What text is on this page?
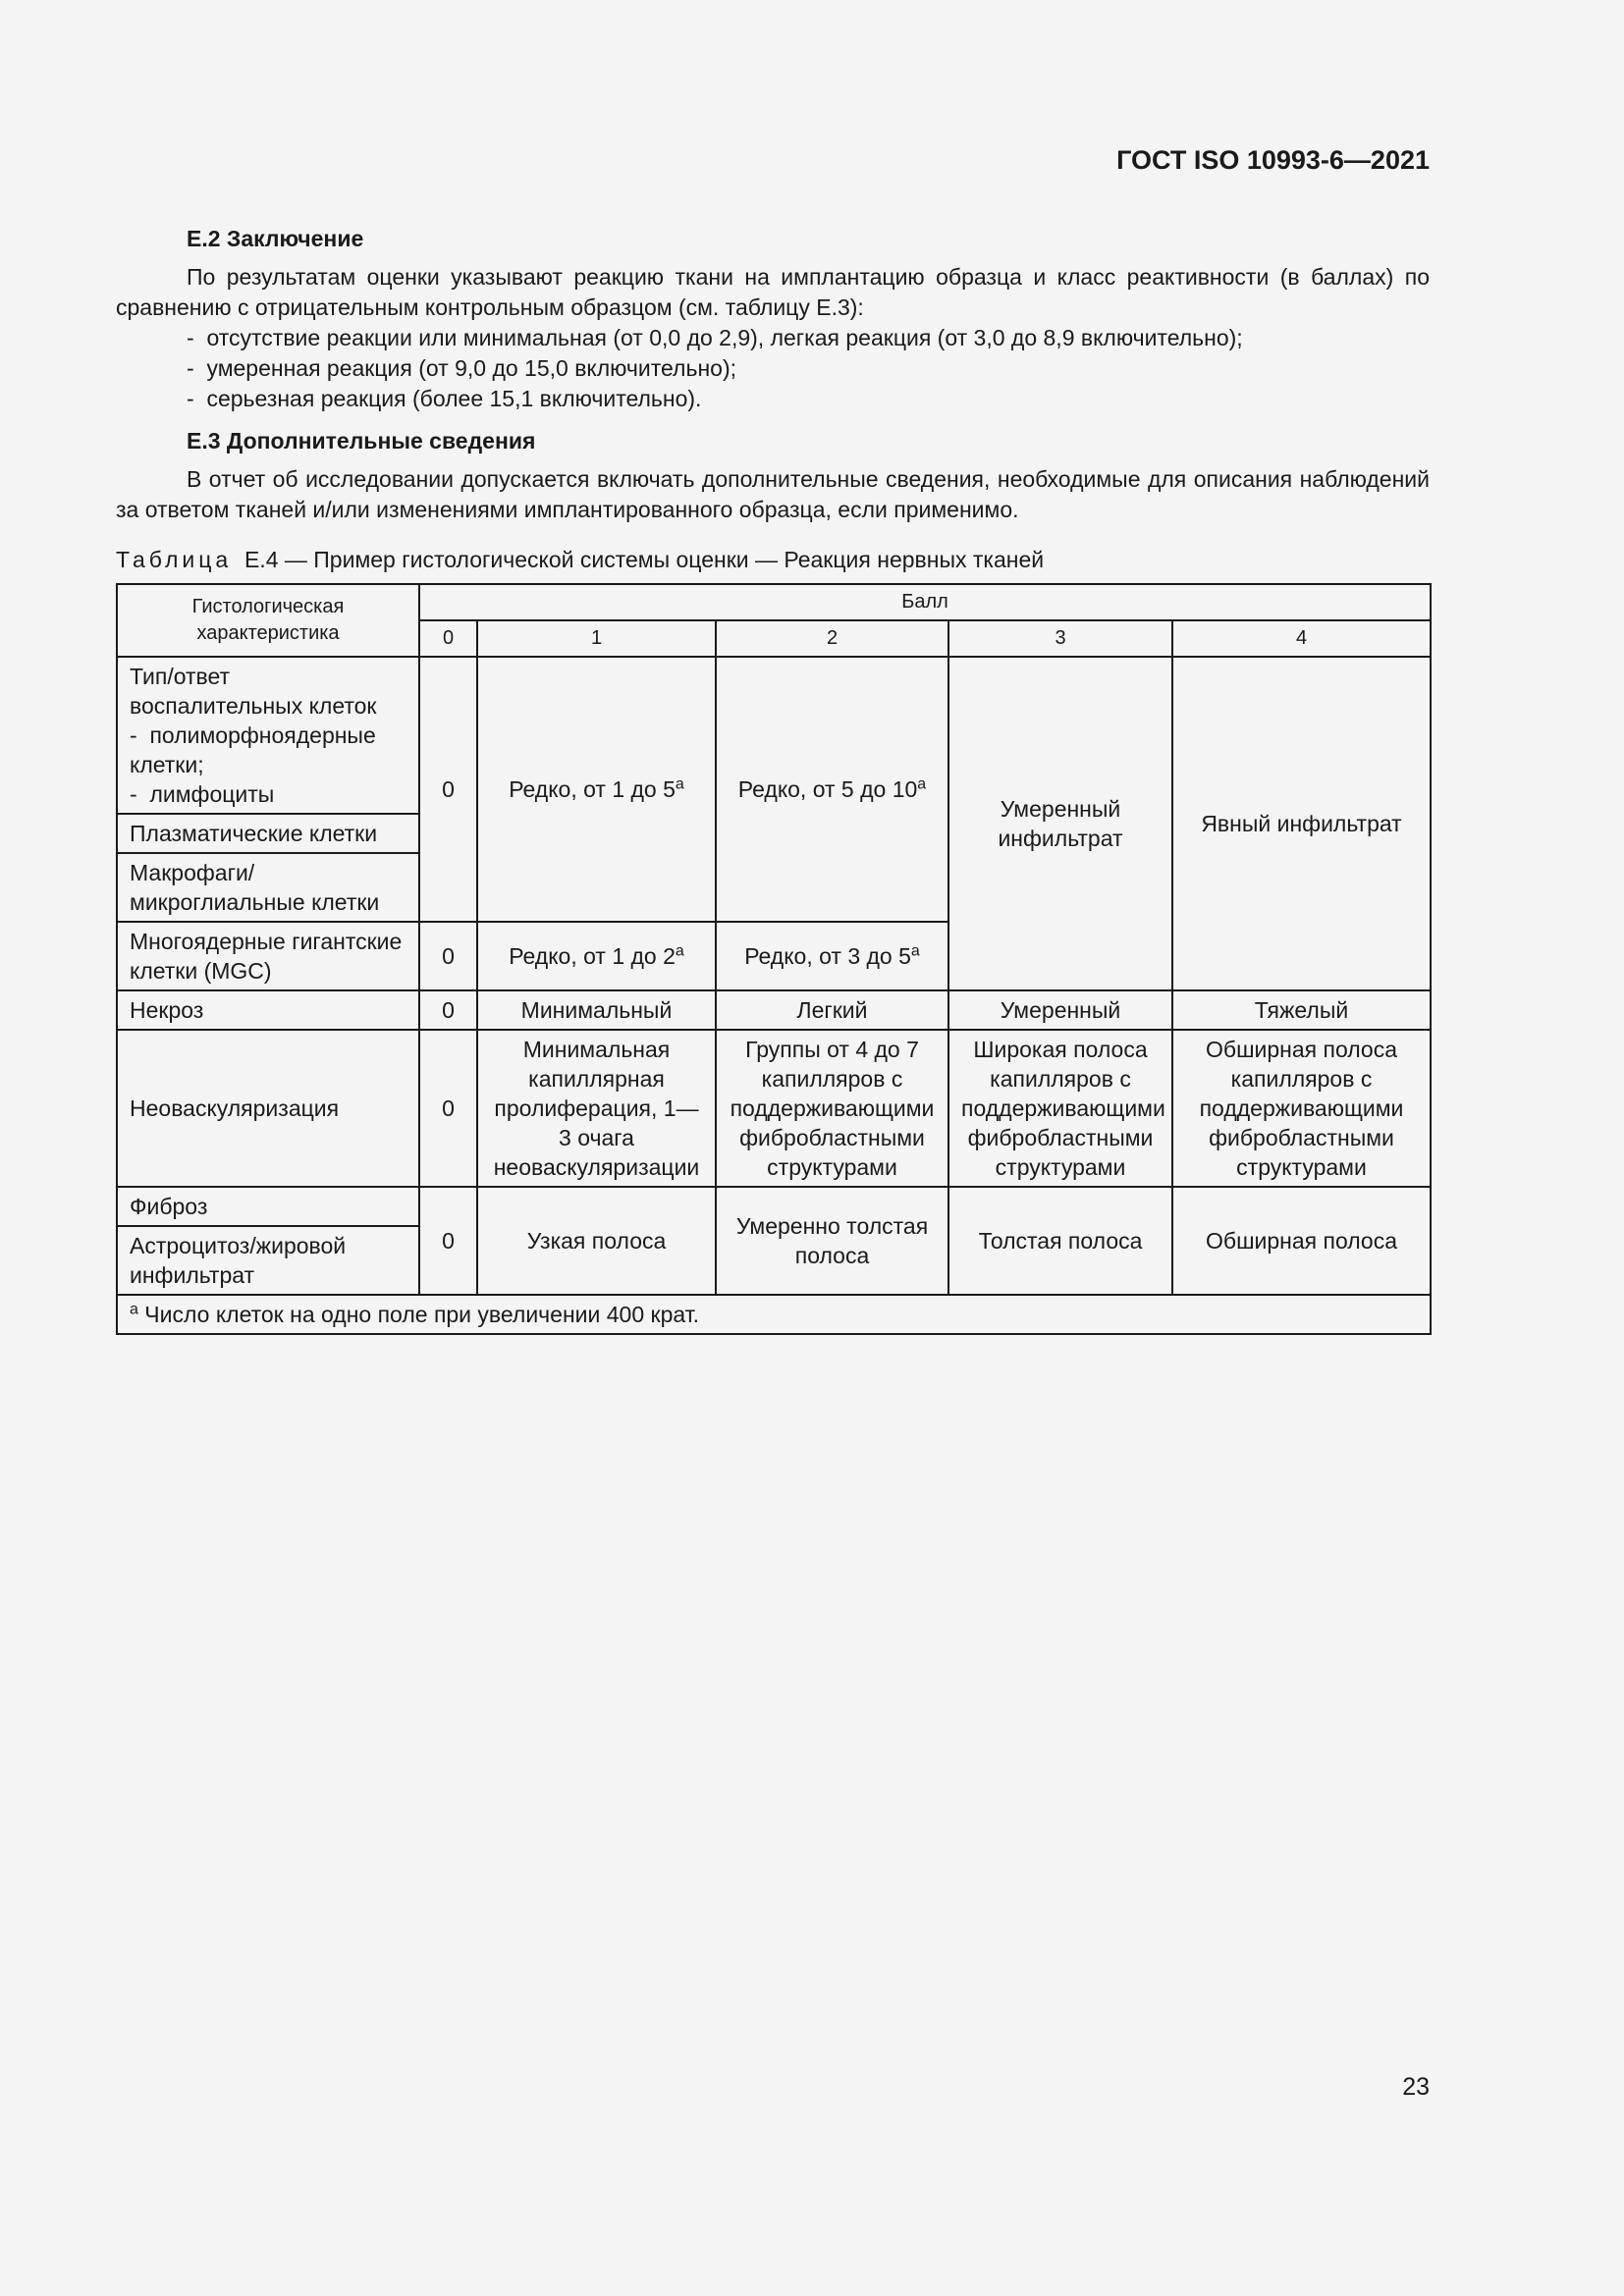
ГОСТ ISO 10993-6—2021

Е.2 Заключение

По результатам оценки указывают реакцию ткани на имплантацию образца и класс реактивности (в баллах) по сравнению с отрицательным контрольным образцом (см. таблицу Е.3):

- отсутствие реакции или минимальная (от 0,0 до 2,9), легкая реакция (от 3,0 до 8,9 включительно);
- умеренная реакция (от 9,0 до 15,0 включительно);
- серьезная реакция (более 15,1 включительно).

Е.3 Дополнительные сведения

В отчет об исследовании допускается включать дополнительные сведения, необходимые для описания наблюдений за ответом тканей и/или изменениями имплантированного образца, если применимо.

Таблица Е.4 — Пример гистологической системы оценки — Реакция нервных тканей
Гистологическая характеристика	Балл				
	0	1	2	3	4

Тип/ответ воспалительных клеток
-  полиморфноядерные клетки;
-  лимфоциты	0	Редко, от 1 до 5$^a$	Редко, от 5 до 10$^a$	Умеренный инфильтрат	Явный инфильтрат
Плазматические клетки					
Макрофаги/микроглиальные клетки					
Многоядерные гигантские клетки (MGC)	0	Редко, от 1 до 2$^a$	Редко, от 3 до 5$^a$
Некроз	0	Минимальный	Легкий	Умеренный	Тяжелый
Неоваскуляризация	0	Минимальная капиллярная пролиферация, 1—3 очага неоваскуляризации	Группы от 4 до 7 капилляров с поддерживающими фибробластными структурами	Широкая полоса капилляров с поддерживающими фибробластными структурами	Обширная полоса капилляров с поддерживающими фибробластными структурами
Фиброз	0	Узкая полоса	Умеренно толстая полоса	Толстая полоса	Обширная полоса
Астроцитоз/жировой инфильтрат					
$^a$ Число клеток на одно поле при увеличении 400 крат.					
23
